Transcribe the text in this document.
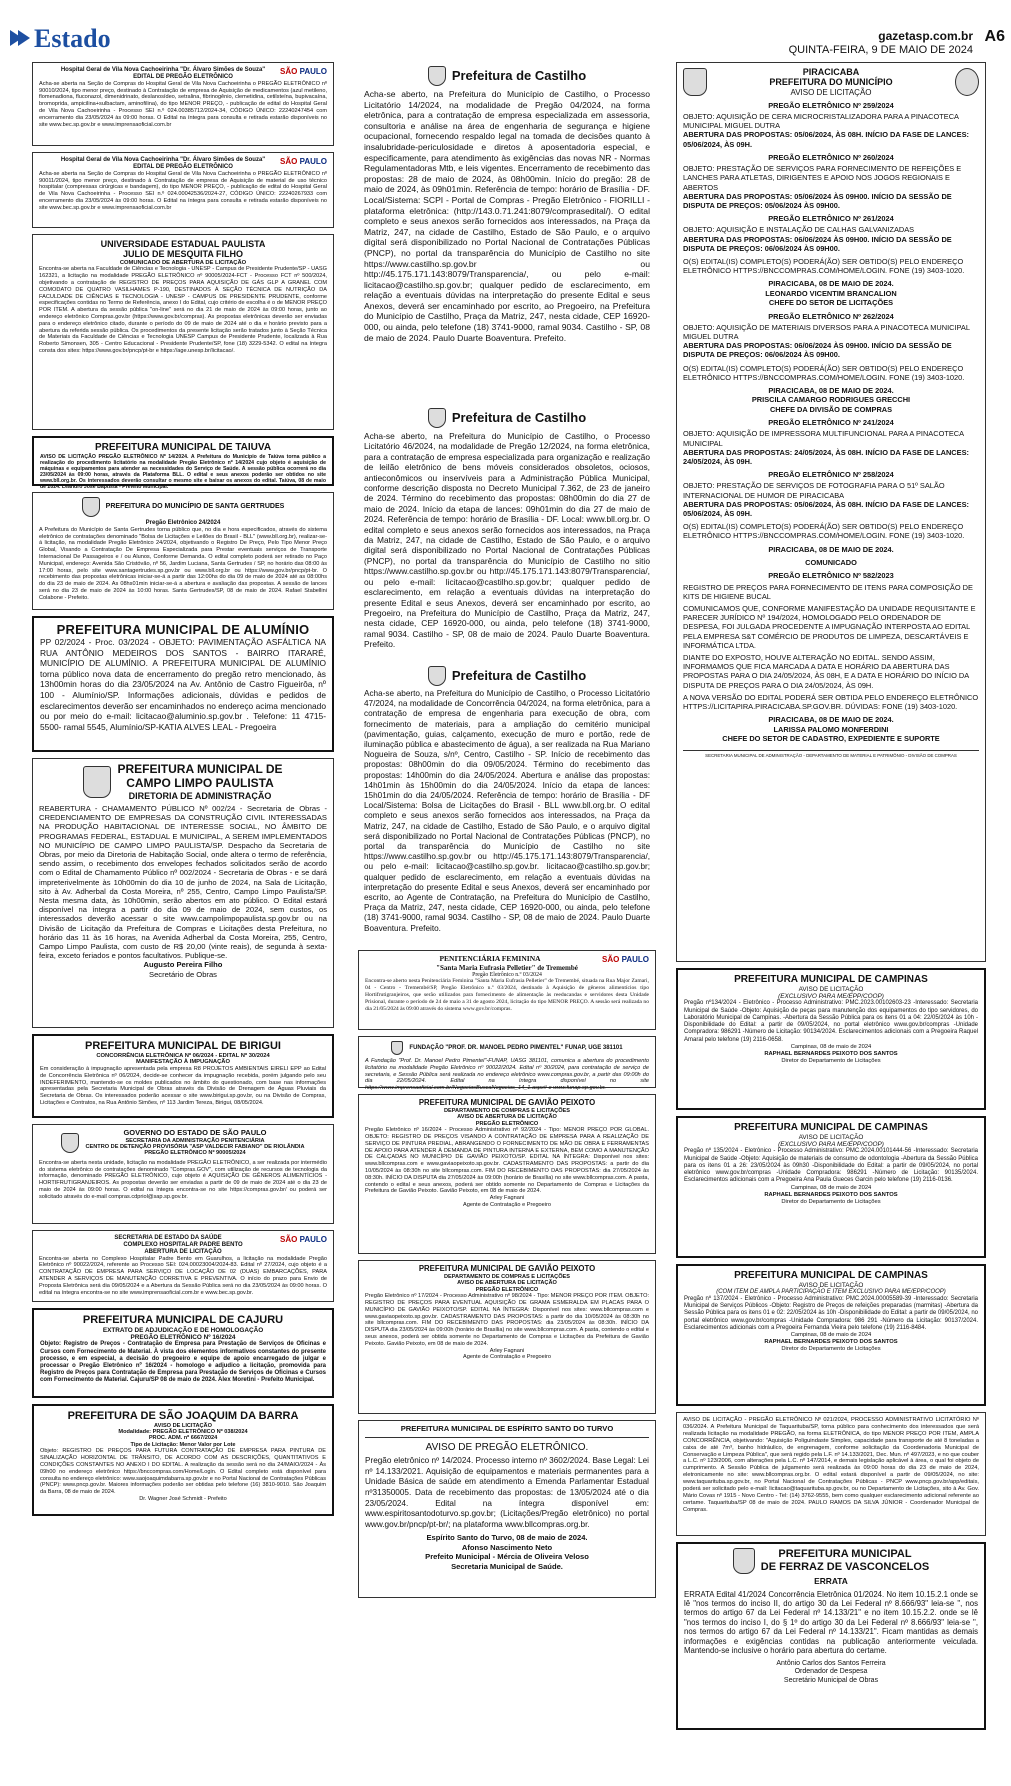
Estado	gazetasp.com.br
QUINTA-FEIRA, 9 DE MAIO DE 2024
A6
SÃO PAULO
Hospital Geral de Vila Nova Cachoeirinha "Dr. Álvaro Simões de Souza"
EDITAL DE PREGÃO ELETRÔNICO
Acha-se aberta na Seção de Compras do Hospital Geral de Vila Nova Cachoeirinha o PREGÃO ELETRÔNICO nº 90010/2024, tipo menor preço, destinado à Contratação de empresa de Aquisição de medicamentos (azul metileno, flomenadiona, fluconazol, dimenidrinato, deslanosídeo, setralina, fibrinogênio, clemetidina, cetilsteína, bupivacaína, bromoprida, ampicilina+sulbactam, aminofilina), do tipo MENOR PREÇO, - publicação de edital do Hospital Geral de Vila Nova Cachoeirinha - Processo SEI n.º 024.00385712/2024-34, CÓDIGO ÚNICO: 22240247454 com encerramento dia 23/05/2024 às 09:00 horas. O Edital na íntegra para consulta e retirada estarão disponíveis no site www.bec.sp.gov.br e www.imprensaoficial.com.br
SÃO PAULO
Hospital Geral de Vila Nova Cachoeirinha "Dr. Álvaro Simões de Souza"
EDITAL DE PREGÃO ELETRÔNICO
Acha-se aberta na Seção de Compras do Hospital Geral de Vila Nova Cachoeirinha o PREGÃO ELETRÔNICO nº 90011/2024, tipo menor preço, destinado à Contratação de empresa de Aquisição de material de uso técnico hospitalar (compressas cirúrgicas e bandagem), do tipo MENOR PREÇO, - publicação de edital do Hospital Geral de Vila Nova Cachoeirinha - Processo SEI n.º 024.00042536/2024-27, CÓDIGO ÚNICO: 22240267933 com encerramento dia 23/05/2024 às 09:00 horas. O Edital na íntegra para consulta e retirada estarão disponíveis no site www.bec.sp.gov.br e www.imprensaoficial.com.br
UNIVERSIDADE ESTADUAL PAULISTA
JULIO DE MESQUITA FILHO
COMUNICADO DE ABERTURA DE LICITAÇÃO
Encontra-se aberta na Faculdade de Ciências e Tecnologia - UNESP - Campus de Presidente Prudente/SP - UASG 162321, a licitação na modalidade PREGÃO ELETRÔNICO nº 90005/2024-FCT - Processo FCT nº 500/2024, objetivando a contratação de REGISTRO DE PREÇOS PARA AQUISIÇÃO DE GÁS GLP A GRANEL COM COMODATO DE QUATRO VASILHAMES P-190, DESTINADOS À SEÇÃO TÉCNICA DE NUTRIÇÃO DA FACULDADE DE CIÊNCIAS E TECNOLOGIA - UNESP - CAMPUS DE PRESIDENTE PRUDENTE, conforme especificações contidas no Termo de Referência, anexo I do Edital, cujo critério de escolha é o de MENOR PREÇO POR ITEM. A abertura da sessão pública "on-line" será no dia 21 de maio de 2024 às 09:00 horas, junto ao endereço eletrônico Compras.gov.br (https://www.gov.br/compras). As propostas eletrônicas deverão ser enviadas para o endereço eletrônico citado, durante o período do 09 de maio de 2024 até o dia e horário previsto para a abertura da referida sessão pública. Os procedimentos da presente licitação serão tratados junto à Seção Técnica de Materiais da Faculdade de Ciências e Tecnologia UNESP Campus de Presidente Prudente, localizada à Rua Roberto Simonsen, 305 - Centro Educacional - Presidente Prudente/SP, fone (18) 3229-5342. O edital na íntegra consta dos sites: https://www.gov.br/pncp/pt-br e https://age.unesp.br/licitacao/.
PREFEITURA MUNICIPAL DE TAIUVA
AVISO DE LICITAÇÃO PREGÃO ELETRÔNICO Nº 14/2024. A Prefeitura do Município de Taiúva torna público a realização do procedimento licitatório na modalidade Pregão Eletrônico nº 14/2024 cujo objeto é aquisição de máquinas e equipamentos para atender as necessidades do Serviço de Saúde. A sessão pública ocorrerá no dia 23/05/2024 às 09:00 horas, através da Plataforma BLL. O edital e seus anexos poderão ser obtidos no site www.bll.org.br. Os interessados deverão consultar o mesmo site e baixar os anexos do edital. Taiúva, 08 de maio de 2024. Leandro José Baptista - Prefeito Municipal.
PREFEITURA DO MUNICÍPIO DE SANTA GERTRUDES
Pregão Eletrônico 24/2024
A Prefeitura do Município de Santa Gertrudes torna público que, no dia e hora especificados, através do sistema eletrônico de contratações denominado "Bolsa de Licitações e Leilões do Brasil - BLL" (www.bll.org.br), realizar-se-á licitação, na modalidade Pregão Eletrônico 24/2024, objetivando o Registro De Preço, Pelo Tipo Menor Preço Global, Visando a Contratação De Empresa Especializada para Prestar eventuais serviços de Transporte Internacional De Passageiros e / ou Alunos, Conforme Demanda. O edital completo poderá ser retirado no Paço Municipal, endereço: Avenida São Cristóvão, nº 56, Jardim Luciana, Santa Gertrudes / SP, no horário das 08:00 às 17:00 horas, pelo site www.santagertrudes.sp.gov.br ou www.bll.org.br ou https://www.gov.br/pncp/pt-br. O recebimento das propostas eletrônicas iniciar-se-á a partir das 12:00hs do dia 09 de maio de 2024 até as 08:00hs do dia 23 de maio de 2024. As 08hs01min iniciar-se-á a abertura e avaliação das propostas. A sessão de lances será no dia 23 de maio de 2024 às 10:00 horas. Santa Gertrudes/SP, 08 de maio de 2024. Rafael Stabellini Colabone - Prefeito.
PREFEITURA MUNICIPAL DE ALUMÍNIO
PP 02/2024 - Proc. 03/2024 - OBJETO: PAVIMENTAÇÃO ASFÁLTICA NA RUA ANTÔNIO MEDEIROS DOS SANTOS - BAIRRO ITARARÉ, MUNICÍPIO DE ALUMÍNIO. A PREFEITURA MUNICIPAL DE ALUMÍNIO torna público nova data de encerramento do pregão retro mencionado, às 13h00min horas do dia 23/05/2024 na Av. Antônio de Castro Figueirôa, nº 100 - Alumínio/SP. Informações adicionais, dúvidas e pedidos de esclarecimentos deverão ser encaminhados no endereço acima mencionado ou por meio do e-mail: licitacao@aluminio.sp.gov.br . Telefone: 11 4715-5500- ramal 5545, Alumínio/SP-KATIA ALVES LEAL - Pregoeira
PREFEITURA MUNICIPAL DE
CAMPO LIMPO PAULISTA
DIRETORIA DE ADMINISTRAÇÃO
REABERTURA - CHAMAMENTO PÚBLICO Nº 002/24 - Secretaria de Obras - CREDENCIAMENTO DE EMPRESAS DA CONSTRUÇÃO CIVIL INTERESSADAS NA PRODUÇÃO HABITACIONAL DE INTERESSE SOCIAL, NO ÂMBITO DE PROGRAMAS FEDERAL, ESTADUAL E MUNICIPAL, A SEREM IMPLEMENTADOS NO MUNICÍPIO DE CAMPO LIMPO PAULISTA/SP. Despacho da Secretaria de Obras, por meio da Diretoria de Habitação Social, onde altera o termo de referência, sendo assim, o recebimento dos envelopes fechados solicitados serão de acordo com o Edital de Chamamento Público nº 002/2024 - Secretaria de Obras - e se dará impreterivelmente às 10h00min do dia 10 de junho de 2024, na Sala de Licitação, sito à Av. Adherbal da Costa Moreira, nº 255, Centro, Campo Limpo Paulista/SP. Nesta mesma data, às 10h00min, serão abertos em ato público. O Edital estará disponível na íntegra a partir do dia 09 de maio de 2024, sem custos, os interessados deverão acessar o site www.campolimpopaulista.sp.gov.br ou na Divisão de Licitação da Prefeitura de Compras e Licitações desta Prefeitura, no horário das 11 às 16 horas, na Avenida Adherbal da Costa Moreira, 255, Centro, Campo Limpo Paulista, com custo de R$ 20,00 (vinte reais), de segunda à sexta-feira, exceto feriados e pontos facultativos. Publique-se.
Augusto Pereira Filho
Secretário de Obras
PREFEITURA MUNICIPAL DE BIRIGUI
CONCORRÊNCIA ELETRÔNICA Nº 06/2024 - EDITAL Nº 30/2024
MANIFESTAÇÃO À IMPUGNAÇÃO
Em consideração à impugnação apresentada pela empresa R8 PROJETOS AMBIENTAIS EIRELI EPP ao Edital de Concorrência Eletrônica nº 06/2024, decide-se conhecer da impugnação recebida, porém julgando pelo seu INDEFERIMENTO, mantendo-se os moldes publicados no âmbito do questionado, com base nas informações apresentadas pela Secretaria Municipal de Obras através da Divisão de Drenagem de Águas Pluviais da Secretaria de Obras. Os interessados poderão acessar o site www.birigui.sp.gov.br, ou na Divisão de Compras, Licitações e Contratos, na Rua Antônio Simões, nº 113 Jardim Tereza, Birigui, 08/05/2024.
GOVERNO DO ESTADO DE SÃO PAULO
SECRETARIA DA ADMINISTRAÇÃO PENITENCIÁRIA
CENTRO DE DETENÇÃO PROVISÓRIA "ASP VALDECIR FABIANO" DE RIOLÂNDIA
PREGÃO ELETRÔNICO Nº 90005/2024
Encontra-se aberta nesta unidade, licitação na modalidade PREGÃO ELETRÔNICO, a ser realizada por intermédio do sistema eletrônico de contratações denominado "Compras.GOV", com utilização de recursos de tecnologia da informação, denominado PREGÃO ELETRÔNICO, cujo objeto é AQUISIÇÃO DE GÊNEROS ALIMENTÍCIOS - HORTIFRUTIGRANJEIROS. As propostas deverão ser enviadas a partir de 09 de maio de 2024 até o dia 23 de maio de 2024 às 09:00 horas. O edital na íntegra encontra-se no site https://compras.gov.br/ ou poderá ser solicitado através do e-mail compras.cdpriol@sap.sp.gov.br.
SÃO PAULO
SECRETARIA DE ESTADO DA SAÚDE
COMPLEXO HOSPITALAR PADRE BENTO
ABERTURA DE LICITAÇÃO
Encontra-se aberta no Complexo Hospitalar Padre Bento em Guarulhos, a licitação na modalidade Pregão Eletrônico nº 90022/2024, referente ao Processo SEI: 024.00023004/2024-83. Edital nº 27/2024, cujo objeto é a CONTRATAÇÃO DE EMPRESA PARA SERVIÇO DE LOCAÇÃO DE 02 (DUAS) EMBARCAÇÕES, PARA ATENDER A SERVIÇOS DE MANUTENÇÃO CORRETIVA E PREVENTIVA. O início do prazo para Envio de Proposta Eletrônica será dia 09/05/2024 e a Abertura da Sessão Pública será no dia 23/05/2024 às 09:00 horas. O edital na íntegra encontra-se no site www.imprensaoficial.com.br e www.bec.sp.gov.br.
PREFEITURA MUNICIPAL DE CAJURU
EXTRATO DE ADJUDICAÇÃO E DE HOMOLOGAÇÃO
PREGÃO ELETRÔNICO Nº 16/2024
Objeto: Registro de Preços - Contratação de Empresa para Prestação de Serviços de Oficinas e Cursos com Fornecimento de Material. À vista dos elementos informativos constantes do presente processo, e em especial, a decisão do pregoeiro e equipe de apoio encarregado de julgar e processar o Pregão Eletrônico nº 16/2024 - homologo e adjudico a licitação, promovida para Registro de Preços para Contratação de Empresa para Prestação de Serviços de Oficinas e Cursos com Fornecimento de Material. Cajuru/SP 08 de maio de 2024. Alex Moretini - Prefeito Municipal.
PREFEITURA DE SÃO JOAQUIM DA BARRA
AVISO DE LICITAÇÃO
Modalidade: PREGÃO ELETRÔNICO Nº 038/2024
PROC. ADM. nº 6667/2024
Tipo de Licitação: Menor Valor por Lote
Objeto: REGISTRO DE PREÇOS PARA FUTURA CONTRATAÇÃO DE EMPRESA PARA PINTURA DE SINALIZAÇÃO HORIZONTAL DE TRÂNSITO, DE ACORDO COM AS DESCRIÇÕES, QUANTITATIVOS E CONDIÇÕES CONSTANTES NO ANEXO I DO EDITAL. A realização da sessão será no dia 24/MAIO/2024 - Às 09h00 no endereço eletrônico https://bnccompras.com/Home/Login. O Edital completo está disponível para consulta no endereço eletrônico: www.saojoaquimdabarra.sp.gov.br e no Portal Nacional de Contratações Públicas (PNCP): www.pncp.gov.br. Maiores informações poderão ser obtidas pelo telefone (16) 3810-9010. São Joaquim da Barra, 08 de maio de 2024.
Dr. Wagner José Schmidt - Prefeito
Prefeitura de Castilho
Acha-se aberto, na Prefeitura do Município de Castilho, o Processo Licitatório 14/2024, na modalidade de Pregão 04/2024, na forma eletrônica, para a contratação de empresa especializada em assessoria, consultoria e análise na área de engenharia de segurança e higiene ocupacional, fornecendo respaldo legal na tomada de decisões quanto à insalubridade-periculosidade e diretos à aposentadoria especial, e especificamente, para atendimento às exigências das novas NR - Normas Regulamentadoras Mtb, e leis vigentes. Encerramento de recebimento das propostas: 28 de maio de 2024, às 08h00min. Início do pregão: 28 de maio de 2024, às 09h01min. Referência de tempo: horário de Brasília - DF. Local/Sistema: SCPI - Portal de Compras - Pregão Eletrônico - FIORILLI - plataforma eletrônica: (http://143.0.71.241:8079/comprasedital/). O edital completo e seus anexos serão fornecidos aos interessados, na Praça da Matriz, 247, na cidade de Castilho, Estado de São Paulo, e o arquivo digital será disponibilizado no Portal Nacional de Contratações Públicas (PNCP), no portal da transparência do Município de Castilho no site https://www.castilho.sp.gov.br ou http://45.175.171.143:8079/Transparencia/, ou pelo e-mail: licitacao@castilho.sp.gov.br; qualquer pedido de esclarecimento, em relação a eventuais dúvidas na interpretação do presente Edital e seus Anexos, deverá ser encaminhado por escrito, ao Pregoeiro, na Prefeitura do Município de Castilho, Praça da Matriz, 247, nesta cidade, CEP 16920-000, ou ainda, pelo telefone (18) 3741-9000, ramal 9034. Castilho - SP, 08 de maio de 2024. Paulo Duarte Boaventura. Prefeito.
Prefeitura de Castilho
Acha-se aberto, na Prefeitura do Município de Castilho, o Processo Licitatório 46/2024, na modalidade de Pregão 12/2024, na forma eletrônica, para a contratação de empresa especializada para organização e realização de leilão eletrônico de bens móveis considerados obsoletos, ociosos, antieconômicos ou inservíveis para a Administração Pública Municipal, conforme descrição disposta no Decreto Municipal 7.362, de 23 de janeiro de 2024. Término do recebimento das propostas: 08h00min do dia 27 de maio de 2024. Início da etapa de lances: 09h01min do dia 27 de maio de 2024. Referência de tempo: horário de Brasília - DF. Local: www.bll.org.br. O edital completo e seus anexos serão fornecidos aos interessados, na Praça da Matriz, 247, na cidade de Castilho, Estado de São Paulo, e o arquivo digital será disponibilizado no Portal Nacional de Contratações Públicas (PNCP), no portal da transparência do Município de Castilho no sitio https://www.castilho.sp.gov.br ou http://45.175.171.143:8079/Transparencia/, ou pelo e-mail: licitacao@castilho.sp.gov.br; qualquer pedido de esclarecimento, em relação a eventuais dúvidas na interpretação do presente Edital e seus Anexos, deverá ser encaminhado por escrito, ao Pregoeiro, na Prefeitura do Município de Castilho, Praça da Matriz, 247, nesta cidade, CEP 16920-000, ou ainda, pelo telefone (18) 3741-9000, ramal 9034. Castilho - SP, 08 de maio de 2024. Paulo Duarte Boaventura. Prefeito.
Prefeitura de Castilho
Acha-se aberto, na Prefeitura do Município de Castilho, o Processo Licitatório 47/2024, na modalidade de Concorrência 04/2024, na forma eletrônica, para a contratação de empresa de engenharia para execução de obra, com fornecimento de materiais, para a ampliação do cemitério municipal (pavimentação, guias, calçamento, execução de muro e portão, rede de iluminação pública e abastecimento de água), a ser realizada na Rua Mariano Nogueira de Souza, s/nº, Centro, Castilho - SP. Início de recebimento das propostas: 08h00min do dia 09/05/2024. Término do recebimento das propostas: 14h00min do dia 24/05/2024. Abertura e análise das propostas: 14h01min às 15h00min do dia 24/05/2024. Início da etapa de lances: 15h01min do dia 24/05/2024. Referência de tempo: horário de Brasília - DF Local/Sistema: Bolsa de Licitações do Brasil - BLL www.bll.org.br. O edital completo e seus anexos serão fornecidos aos interessados, na Praça da Matriz, 247, na cidade de Castilho, Estado de São Paulo, e o arquivo digital será disponibilizado no Portal Nacional de Contratações Públicas (PNCP), no portal da transparência do Município de Castilho no site https://www.castilho.sp.gov.br ou http://45.175.171.143:8079/Transparencia/, ou pelo e-mail: licitacao@castilho.sp.gov.br. licitacao@castilho.sp.gov.br; qualquer pedido de esclarecimento, em relação a eventuais dúvidas na interpretação do presente Edital e seus Anexos, deverá ser encaminhado por escrito, ao Agente de Contratação, na Prefeitura do Município de Castilho, Praça da Matriz, 247, nesta cidade, CEP 16920-000, ou ainda, pelo telefone (18) 3741-9000, ramal 9034. Castilho - SP, 08 de maio de 2024. Paulo Duarte Boaventura. Prefeito.
SÃO PAULO
PENITENCIÁRIA FEMININA
"Santa Maria Eufrasia Pelletier" de Tremembé
Pregão Eletrônico n.º 03/2024
Encontra-se aberto nesta Penitenciária Feminina "Santa Maria Eufrasia Pelletier" de Tremembé, situada na Rua Major Zamari, 04 - Centro - Tremembé/SP, Pregão Eletrônico n.º 03/2024, destinado à Aquisição de gêneros alimentícios tipo Hortifrutigranjeiros, que serão utilizados para fornecimento de alimentação às reeducandas e servidores desta Unidade Prisional, durante o período de 24 de maio a 31 de agosto 2024, licitação do tipo MENOR PREÇO. A sessão será realizada no dia 21/05/2024 às 09:00 através do sistema www.gov.br/compras.
FUNDAÇÃO "PROF. DR. MANOEL PEDRO PIMENTEL" FUNAP, UGE 381101
A Fundação "Prof. Dr. Manoel Pedro Pimentel"-FUNAP, UASG 381101, comunica a abertura do procedimento licitatório na modalidade Pregão Eletrônico nº 90022/2024. Edital nº 30/2024, para contratação de serviço de secretaria, e Sessão Pública será realizada no endereço eletrônico www.compras.gov.br, a partir das 09:00h do dia 22/05/2024. Edital na íntegra disponível no site https://www.imprensaoficial.com.br/NegociosBuscaNegocios_14_1.aspx# e www.funap.sp.gov.br.
PREFEITURA MUNICIPAL DE GAVIÃO PEIXOTO
DEPARTAMENTO DE COMPRAS E LICITAÇÕES
AVISO DE ABERTURA DE LICITAÇÃO
PREGÃO ELETRÔNICO
Pregão Eletrônico nº 16/2024 - Processo Administrativo nº 92/2024 - Tipo: MENOR PREÇO POR GLOBAL. OBJETO: REGISTRO DE PREÇOS VISANDO A CONTRATAÇÃO DE EMPRESA PARA A REALIZAÇÃO DE SERVIÇO DE PINTURA PREDIAL, ABRANGENDO O FORNECIMENTO DE MÃO DE OBRA E FERRAMENTAS DE APOIO PARA ATENDER À DEMANDA DE PINTURA INTERNA E EXTERNA, BEM COMO A MANUTENÇÃO DE CALÇADAS NO MUNICÍPIO DE GAVIÃO PEIXOTO/SP. EDITAL NA ÍNTEGRA: Disponível nos sites: www.bllcompras.com e www.gaviaopeixoto.sp.gov.br. CADASTRAMENTO DAS PROPOSTAS: a partir do dia 10/05/2024 às 08:30h no site bllcompras.com. FIM DO RECEBIMENTO DAS PROPOSTAS: dia 27/05/2024 às 08:30h. INÍCIO DA DISPUTA dia 27/05/2024 às 09:00h (horário de Brasília) no site www.bllcompras.com. A pasta, contendo o edital e seus anexos, poderá ser obtido somente no Departamento de Compras e Licitações da Prefeitura de Gavião Peixoto. Gavião Peixoto, em 08 de maio de 2024.
Arley Fagnani
Agente de Contratação e Pregoeiro
PREFEITURA MUNICIPAL DE GAVIÃO PEIXOTO
DEPARTAMENTO DE COMPRAS E LICITAÇÕES
AVISO DE ABERTURA DE LICITAÇÃO
PREGÃO ELETRÔNICO
Pregão Eletrônico nº 17/2024 - Processo Administrativo nº 98/2024 - Tipo: MENOR PREÇO POR ITEM. OBJETO: REGISTRO DE PREÇOS PARA EVENTUAL AQUISIÇÃO DE GRAMA ESMERALDA EM PLACAS PARA O MUNICÍPIO DE GAVIÃO PEIXOTO/SP. EDITAL NA ÍNTEGRA: Disponível nos sites: www.bllcompras.com e www.gaviaopeixoto.sp.gov.br. CADASTRAMENTO DAS PROPOSTAS: a partir do dia 10/05/2024 às 08:30h no site bllcompras.com. FIM DO RECEBIMENTO DAS PROPOSTAS: dia 23/05/2024 às 08:30h. INÍCIO DA DISPUTA dia 23/05/2024 às 09:00h (horário de Brasília) no site www.bllcompras.com. A pasta, contendo o edital e seus anexos, poderá ser obtida somente no Departamento de Compras e Licitações da Prefeitura de Gavião Peixoto. Gavião Peixoto, em 08 de maio de 2024.
Arley Fagnani
Agente de Contratação e Pregoeiro
PREFEITURA MUNICIPAL DE ESPÍRITO SANTO DO TURVO
AVISO DE PREGÃO ELETRÔNICO.
Pregão eletrônico nº 14/2024. Processo interno nº 3602/2024. Base Legal: Lei nº 14.133/2021. Aquisição de equipamentos e materiais permanentes para a Unidade Básica de saúde em atendimento a Emenda Parlamentar Estadual nº31350005. Data de recebimento das propostas: de 13/05/2024 até o dia 23/05/2024. Edital na íntegra disponível em: www.espiritosantodoturvo.sp.gov.br; (Licitações/Pregão eletrônico) no portal www.gov.br/pncp/pt-br/; na plataforma www.bllcompras.org.br.
Espírito Santo do Turvo, 08 de maio de 2024.
Afonso Nascimento Neto
Prefeito Municipal - Mércia de Oliveira Veloso
Secretaria Municipal de Saúde.
PIRACICABA
PREFEITURA DO MUNICÍPIO
AVISO DE LICITAÇÃO
PREGÃO ELETRÔNICO Nº 259/2024
OBJETO: AQUISIÇÃO DE CERA MICROCRISTALIZADORA PARA A PINACOTECA MUNICIPAL MIGUEL DUTRA
ABERTURA DAS PROPOSTAS: 05/06/2024, ÀS 08H. INÍCIO DA FASE DE LANCES: 05/06/2024, ÀS 09H.
PREGÃO ELETRÔNICO Nº 260/2024
OBJETO: PRESTAÇÃO DE SERVIÇOS PARA FORNECIMENTO DE REFEIÇÕES E LANCHES PARA ATLETAS, DIRIGENTES E APOIO NOS JOGOS REGIONAIS E ABERTOS
ABERTURA DAS PROPOSTAS: 05/06/2024 ÀS 09H00. INÍCIO DA SESSÃO DE DISPUTA DE PREÇOS: 05/06/2024 ÀS 09H00.
PREGÃO ELETRÔNICO Nº 261/2024
OBJETO: AQUISIÇÃO E INSTALAÇÃO DE CALHAS GALVANIZADAS
ABERTURA DAS PROPOSTAS: 06/06/2024 ÀS 09H00. INÍCIO DA SESSÃO DE DISPUTA DE PREÇOS: 06/06/2024 ÀS 09H00.
O(S) EDITAL(IS) COMPLETO(S) PODERÁ(ÃO) SER OBTIDO(S) PELO ENDEREÇO ELETRÔNICO HTTPS://BNCCOMPRAS.COM/HOME/LOGIN. FONE (19) 3403-1020.
PIRACICABA, 08 DE MAIO DE 2024.
LEONARDO VICENTIM BRANCALION
CHEFE DO SETOR DE LICITAÇÕES
PREGÃO ELETRÔNICO Nº 262/2024
OBJETO: AQUISIÇÃO DE MATERIAIS DIVERSOS PARA A PINACOTECA MUNICIPAL MIGUEL DUTRA
ABERTURA DAS PROPOSTAS: 06/06/2024 ÀS 09H00. INÍCIO DA SESSÃO DE DISPUTA DE PREÇOS: 06/06/2024 ÀS 09H00.
O(S) EDITAL(IS) COMPLETO(S) PODERÁ(ÃO) SER OBTIDO(S) PELO ENDEREÇO ELETRÔNICO HTTPS://BNCCOMPRAS.COM/HOME/LOGIN. FONE (19) 3403-1020.
PIRACICABA, 08 DE MAIO DE 2024.
PRISCILA CAMARGO RODRIGUES GRECCHI
CHEFE DA DIVISÃO DE COMPRAS
PREGÃO ELETRÔNICO Nº 241/2024
OBJETO: AQUISIÇÃO DE IMPRESSORA MULTIFUNCIONAL PARA A PINACOTECA MUNICIPAL
ABERTURA DAS PROPOSTAS: 24/05/2024, ÀS 08H. INÍCIO DA FASE DE LANCES: 24/05/2024, ÀS 09H.
PREGÃO ELETRÔNICO Nº 258/2024
OBJETO: PRESTAÇÃO DE SERVIÇOS DE FOTOGRAFIA PARA O 51º SALÃO INTERNACIONAL DE HUMOR DE PIRACICABA
ABERTURA DAS PROPOSTAS: 05/06/2024, ÀS 08H. INÍCIO DA FASE DE LANCES: 05/06/2024, ÀS 09H.
O(S) EDITAL(IS) COMPLETO(S) PODERÁ(ÃO) SER OBTIDO(S) PELO ENDEREÇO ELETRÔNICO HTTPS://BNCCOMPRAS.COM/HOME/LOGIN. FONE (19) 3403-1020.
PIRACICABA, 08 DE MAIO DE 2024.
COMUNICADO
PREGÃO ELETRÔNICO Nº 582/2023
REGISTRO DE PREÇOS PARA FORNECIMENTO DE ITENS PARA COMPOSIÇÃO DE KITS DE HIGIENE BUCAL
COMUNICAMOS QUE, CONFORME MANIFESTAÇÃO DA UNIDADE REQUISITANTE E PARECER JURÍDICO Nº 194/2024, HOMOLOGADO PELO ORDENADOR DE DESPESA, FOI JULGADA PROCEDENTE A IMPUGNAÇÃO INTERPOSTA AO EDITAL PELA EMPRESA S&T COMÉRCIO DE PRODUTOS DE LIMPEZA, DESCARTÁVEIS E INFORMÁTICA LTDA.
DIANTE DO EXPOSTO, HOUVE ALTERAÇÃO NO EDITAL. SENDO ASSIM, INFORMAMOS QUE FICA MARCADA A DATA E HORÁRIO DA ABERTURA DAS PROPOSTAS PARA O DIA 24/05/2024, ÀS 08H, E A DATA E HORÁRIO DO INÍCIO DA DISPUTA DE PREÇOS PARA O DIA 24/05/2024, ÀS 09H.
A NOVA VERSÃO DO EDITAL PODERÁ SER OBTIDA PELO ENDEREÇO ELETRÔNICO HTTPS://LICITAPIRA.PIRACICABA.SP.GOV.BR. DÚVIDAS: FONE (19) 3403-1020.
PIRACICABA, 08 DE MAIO DE 2024.
LARISSA PALOMO MONFERDINI
CHEFE DO SETOR DE CADASTRO, EXPEDIENTE E SUPORTE
SECRETARIA MUNICIPAL DE ADMINISTRAÇÃO - DEPARTAMENTO DE MATERIAL E PATRIMÔNIO - DIVISÃO DE COMPRAS
PREFEITURA MUNICIPAL DE CAMPINAS
AVISO DE LICITAÇÃO
(EXCLUSIVO PARA ME/EPP/COOP)
Pregão nº134/2024 - Eletrônico - Processo Administrativo: PMC.2023.00102603-23 -Interessado: Secretaria Municipal de Saúde -Objeto: Aquisição de peças para manutenção dos equipamentos do tipo servidores, do Laboratório Municipal de Campinas. -Abertura da Sessão Pública para os itens 01 a 04: 22/05/2024 às 10h -Disponibilidade do Edital: a partir de 09/05/2024, no portal eletrônico www.gov.br/compras -Unidade Compradora: 986291 -Número de Licitação: 90134/2024. Esclarecimentos adicionais com a Pregoeira Raquel Amaral pelo telefone (19) 2116-0658.
Campinas, 08 de maio de 2024
RAPHAEL BERNARDES PEIXOTO DOS SANTOS
Diretor do Departamento de Licitações
PREFEITURA MUNICIPAL DE CAMPINAS
AVISO DE LICITAÇÃO
(EXCLUSIVO PARA ME/EPP/COOP)
Pregão nº 135/2024 - Eletrônico - Processo Administrativo: PMC.2024.00101444-56 -Interessado: Secretaria Municipal de Saúde -Objeto: Aquisição de materiais de consumo de odontologia -Abertura da Sessão Pública para os itens 01 a 26: 23/05/2024 às 09h30 -Disponibilidade do Edital: a partir de 09/05/2024, no portal eletrônico www.gov.br/compras -Unidade Compradora: 986291 -Número de Licitação: 90135/2024. Esclarecimentos adicionais com a Pregoeira Ana Paula Gueces Garcin pelo telefone (19) 2116-0136.
Campinas, 08 de maio de 2024
RAPHAEL BERNARDES PEIXOTO DOS SANTOS
Diretor do Departamento de Licitações
PREFEITURA MUNICIPAL DE CAMPINAS
AVISO DE LICITAÇÃO
(COM ITEM DE AMPLA PARTICIPAÇÃO E ITEM EXCLUSIVO PARA ME/EPP/COOP)
Pregão nº 137/2024 - Eletrônico - Processo Administrativo: PMC.2024.00005589-39 -Interessado: Secretaria Municipal de Serviços Públicos -Objeto: Registro de Preços de refeições preparadas (marmitas) -Abertura da Sessão Pública para os itens 01 e 02: 22/05/2024 às 10h -Disponibilidade do Edital: a partir de 09/05/2024, no portal eletrônico www.gov.br/compras -Unidade Compradora: 986 291 -Número da Licitação: 90137/2024. Esclarecimentos adicionais com a Pregoeira Fernanda Vieira pelo telefone (19) 2116-8484.
Campinas, 08 de maio de 2024
RAPHAEL BERNARDES PEIXOTO DOS SANTOS
Diretor do Departamento de Licitações
AVISO DE LICITAÇÃO - PREGÃO ELETRÔNICO Nº 021/2024, PROCESSO ADMINISTRATIVO LICITATÓRIO Nº 036/2024. A Prefeitura Municipal de Taquarituba/SP, torna público para conhecimento dos interessados que será realizada licitação na modalidade PREGÃO, na forma ELETRÔNICA, do tipo MENOR PREÇO POR ITEM, AMPLA CONCORRÊNCIA, objetivando: "Aquisição Poliguindaste Simples, capacidade para transporte de até 8 toneladas a caixa de até 7m³, banho hidráulico, de engrenagem, conforme solicitação da Coordenadoria Municipal de Conservação e Limpeza Pública", que será regido pela L.F. nº 14.133/2021, Dec. Mun. nº 497/2023, e no que couber a L.C. nº 123/2006, com alterações pela L.C. nº 147/2014, e demais legislação aplicável à área, o qual foi objeto de cumprimento. A Sessão Pública de julgamento será realizada às 09:00 horas do dia 23 de maio de 2024, eletronicamente no site: www.bllcompras.org.br. O edital estará disponível a partir de 09/05/2024, no site: www.taquarituba.sp.gov.br, no Portal Nacional de Contratações Públicas - PNCP www.pncp.gov.br/app/editais, poderá ser solicitado pelo e-mail: licitacao@taquarituba.sp.gov.br, ou no Departamento de Licitações, sito à Av. Gov. Mário Covas nº 1915 - Novo Centro - Tel: (14) 3762-9555, bem como qualquer esclarecimento adicional referente ao certame. Taquarituba/SP 08 de maio de 2024. PAULO RAMOS DA SILVA JÚNIOR - Coordenador Municipal de Compras.
PREFEITURA MUNICIPAL
DE FERRAZ DE VASCONCELOS
ERRATA
ERRATA Edital 41/2024 Concorrência Eletrônica 01/2024. No item 10.15.2.1 onde se lê "nos termos do inciso II, do artigo 30 da Lei Federal nº 8.666/93" leia-se ", nos termos do artigo 67 da Lei Federal nº 14.133/21" e no item 10.15.2.2. onde se lê "nos termos do inciso I, do § 1º do artigo 30 da Lei Federal nº 8.666/93" leia-se ", nos termos do artigo 67 da Lei Federal nº 14.133/21". Ficam mantidas as demais informações e exigências contidas na publicação anteriormente veiculada. Mantendo-se inclusive o horário para abertura do certame.
Antônio Carlos dos Santos Ferreira
Ordenador de Despesa
Secretário Municipal de Obras
